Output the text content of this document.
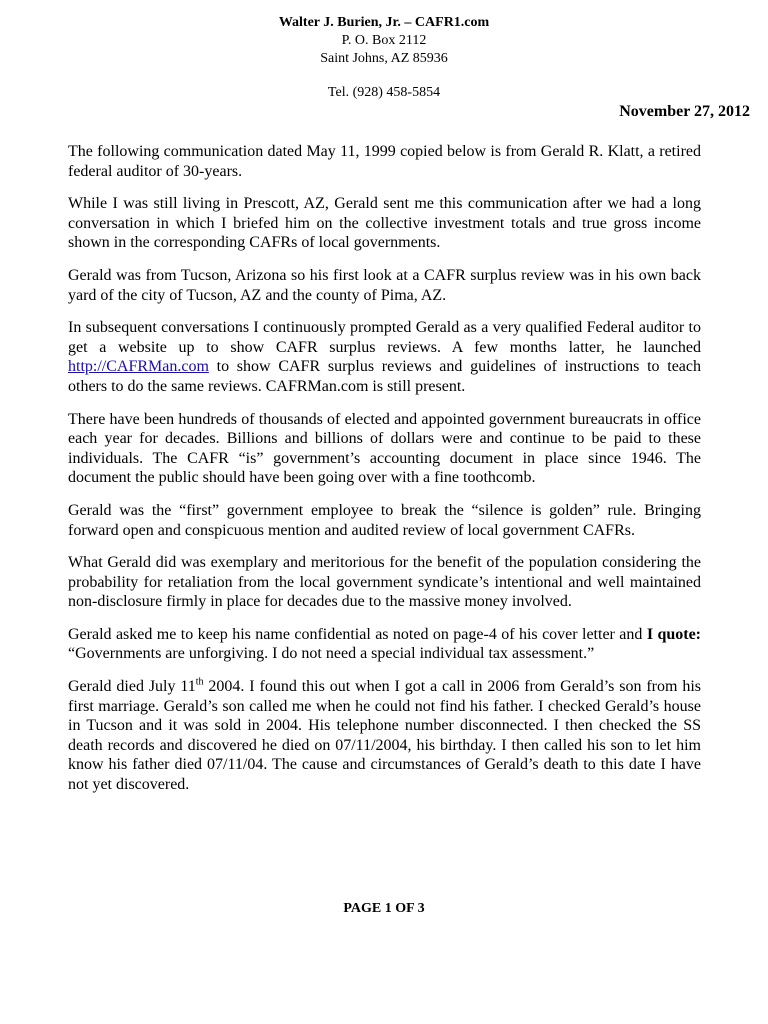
Walter J. Burien, Jr. – CAFR1.com
P. O. Box 2112
Saint Johns, AZ 85936
Tel. (928) 458-5854
November 27, 2012

The following communication dated May 11, 1999 copied below is from Gerald R. Klatt, a retired federal auditor of 30-years.

While I was still living in Prescott, AZ, Gerald sent me this communication after we had a long conversation in which I briefed him on the collective investment totals and true gross income shown in the corresponding CAFRs of local governments.

Gerald was from Tucson, Arizona so his first look at a CAFR surplus review was in his own back yard of the city of Tucson, AZ and the county of Pima, AZ.

In subsequent conversations I continuously prompted Gerald as a very qualified Federal auditor to get a website up to show CAFR surplus reviews. A few months latter, he launched http://CAFRMan.com to show CAFR surplus reviews and guidelines of instructions to teach others to do the same reviews. CAFRMan.com is still present.

There have been hundreds of thousands of elected and appointed government bureaucrats in office each year for decades. Billions and billions of dollars were and continue to be paid to these individuals. The CAFR “is” government’s accounting document in place since 1946. The document the public should have been going over with a fine toothcomb.

Gerald was the “first” government employee to break the “silence is golden” rule. Bringing forward open and conspicuous mention and audited review of local government CAFRs.

What Gerald did was exemplary and meritorious for the benefit of the population considering the probability for retaliation from the local government syndicate’s intentional and well maintained non-disclosure firmly in place for decades due to the massive money involved.

Gerald asked me to keep his name confidential as noted on page-4 of his cover letter and I quote: “Governments are unforgiving. I do not need a special individual tax assessment.”

Gerald died July 11th 2004. I found this out when I got a call in 2006 from Gerald’s son from his first marriage. Gerald’s son called me when he could not find his father. I checked Gerald’s house in Tucson and it was sold in 2004. His telephone number disconnected. I then checked the SS death records and discovered he died on 07/11/2004, his birthday. I then called his son to let him know his father died 07/11/04. The cause and circumstances of Gerald’s death to this date I have not yet discovered.

PAGE 1 OF 3
